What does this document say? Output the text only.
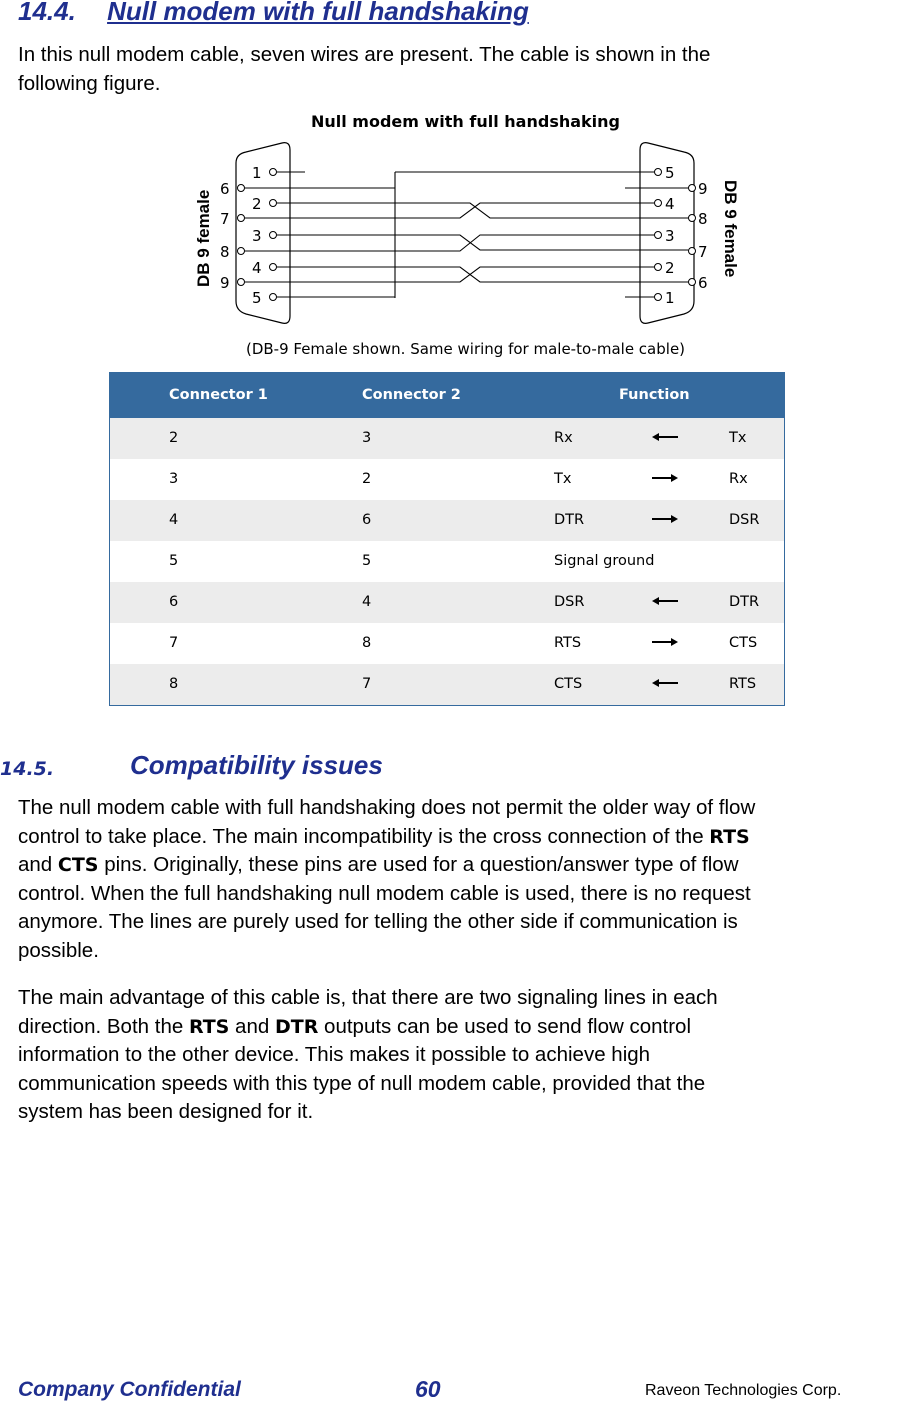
14.4. Null modem with full handshaking
In this null modem cable, seven wires are present. The cable is shown in the
following figure.
Null modem with full handshaking
1
6
2
7
3
8
4
9
5
5
9
4
8
3
7
2
6
1
DB 9 female	DB 9 female
(DB-9 Female shown. Same wiring for male-to-male cable)
Connector 1	Connector 2	Function		
2	3	Rx		Tx
3	2	Tx		Rx
4	6	DTR		DSR
5	5	Signal ground		
6	4	DSR		DTR
7	8	RTS		CTS
8	7	CTS		RTS
14.5.	Compatibility issues
The null modem cable with full handshaking does not permit the older way of flow
control to take place. The main incompatibility is the cross connection of the RTS
and CTS pins. Originally, these pins are used for a question/answer type of flow
control. When the full handshaking null modem cable is used, there is no request
anymore. The lines are purely used for telling the other side if communication is
possible.
The main advantage of this cable is, that there are two signaling lines in each
direction. Both the RTS and DTR outputs can be used to send flow control
information to the other device. This makes it possible to achieve high
communication speeds with this type of null modem cable, provided that the
system has been designed for it.
Company Confidential	60	Raveon Technologies Corp.
